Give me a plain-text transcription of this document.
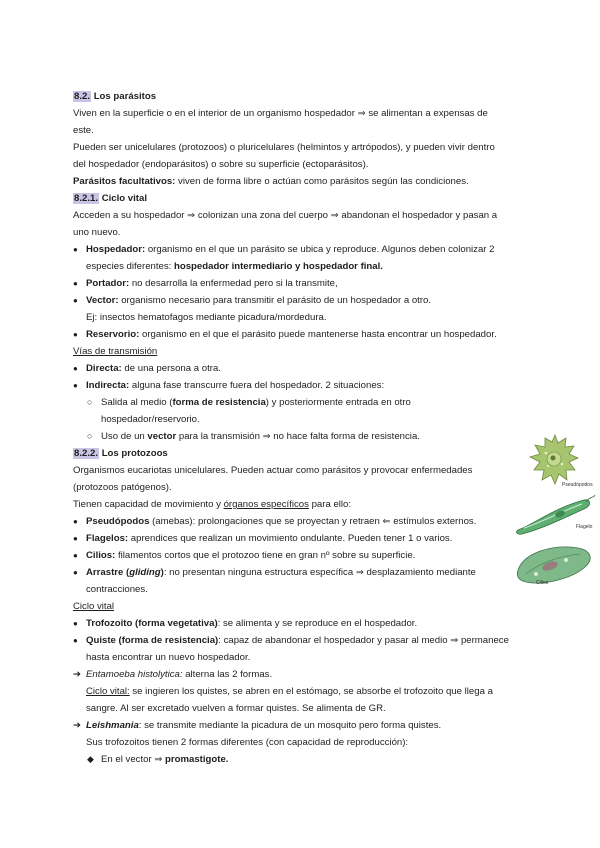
8.2. Los parásitos
Viven en la superficie o en el interior de un organismo hospedador ⇒ se alimentan a expensas de
este.
Pueden ser unicelulares (protozoos) o pluricelulares (helmintos y artrópodos), y pueden vivir dentro
del hospedador (endoparásitos) o sobre su superficie (ectoparásitos).
Parásitos facultativos: viven de forma libre o actúan como parásitos según las condiciones.
8.2.1. Ciclo vital
Acceden a su hospedador ⇒ colonizan una zona del cuerpo ⇒ abandonan el hospedador y pasan a
uno nuevo.
● Hospedador: organismo en el que un parásito se ubica y reproduce. Algunos deben colonizar 2
especies diferentes: hospedador intermediario y hospedador final.
● Portador: no desarrolla la enfermedad pero si la transmite,
● Vector: organismo necesario para transmitir el parásito de un hospedador a otro.
Ej: insectos hematofagos mediante picadura/mordedura.
● Reservorio: organismo en el que el parásito puede mantenerse hasta encontrar un hospedador.
Vías de transmisión
● Directa: de una persona a otra.
● Indirecta: alguna fase transcurre fuera del hospedador. 2 situaciones:
○ Salida al medio (forma de resistencia) y posteriormente entrada en otro
hospedador/reservorio.
○ Uso de un vector para la transmisión ⇒ no hace falta forma de resistencia.
8.2.2. Los protozoos
Organismos eucariotas unicelulares. Pueden actuar como parásitos y provocar enfermedades
(protozoos patógenos).
Tienen capacidad de movimiento y órganos específicos para ello:
● Pseudópodos (amebas): prolongaciones que se proyectan y retraen ⇐ estímulos externos.
● Flagelos: aprendices que realizan un movimiento ondulante. Pueden tener 1 o varios.
● Cilios: filamentos cortos que el protozoo tiene en gran nº sobre su superficie.
● Arrastre (gliding): no presentan ninguna estructura específica ⇒ desplazamiento mediante
contracciones.
Ciclo vital
● Trofozoito (forma vegetativa): se alimenta y se reproduce en el hospedador.
● Quiste (forma de resistencia): capaz de abandonar el hospedador y pasar al medio ⇒ permanece
hasta encontrar un nuevo hospedador.
➔ Entamoeba histolytica: alterna las 2 formas.
Ciclo vital: se ingieren los quistes, se abren en el estómago, se absorbe el trofozoito que llega a
sangre. Al ser excretado vuelven a formar quistes. Se alimenta de GR.
➔ Leishmania: se transmite mediante la picadura de un mosquito pero forma quistes.
Sus trofozoitos tienen 2 formas diferentes (con capacidad de reproducción):
◆ En el vector ⇒ promastigote.
Pseudópodos
Flagelo
Cilios
